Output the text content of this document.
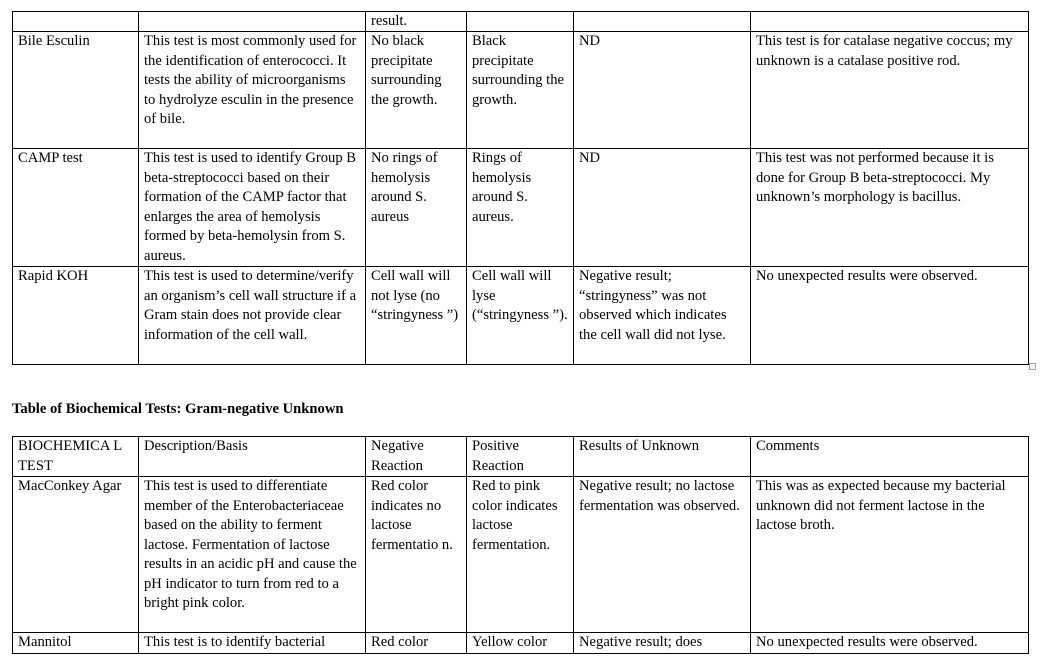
		result.			
Bile Esculin	This test is most commonly used for the identification of enterococci. It tests the ability of microorganisms to hydrolyze esculin in the presence of bile.	No black precipitate surrounding the growth.	Black precipitate surrounding the growth.	ND	This test is for catalase negative coccus; my unknown is a catalase positive rod.
CAMP test	This test is used to identify Group B beta-streptococci based on their formation of the CAMP factor that enlarges the area of hemolysis formed by beta-hemolysin from S. aureus.	No rings of hemolysis around S. aureus	Rings of hemolysis around S. aureus.	ND	This test was not performed because it is done for Group B beta-streptococci. My unknown’s morphology is bacillus.
Rapid KOH	This test is used to determine/verify an organism’s cell wall structure if a Gram stain does not provide clear information of the cell wall.	Cell wall will not lyse (no “stringyness ”)	Cell wall will lyse (“stringyness ”).	Negative result; “stringyness” was not observed which indicates the cell wall did not lyse.	No unexpected results were observed.
Table of Biochemical Tests: Gram-negative Unknown
BIOCHEMICA L TEST	Description/Basis	Negative Reaction	Positive Reaction	Results of Unknown	Comments
MacConkey Agar	This test is used to differentiate member of the Enterobacteriaceae based on the ability to ferment lactose. Fermentation of lactose results in an acidic pH and cause the pH indicator to turn from red to a bright pink color.	Red color indicates no lactose fermentatio n.	Red to pink color indicates lactose fermentation.	Negative result; no lactose fermentation was observed.	This was as expected because my bacterial unknown did not ferment lactose in the lactose broth.
Mannitol	This test is to identify bacterial	Red color	Yellow color	Negative result; does	No unexpected results were observed.
